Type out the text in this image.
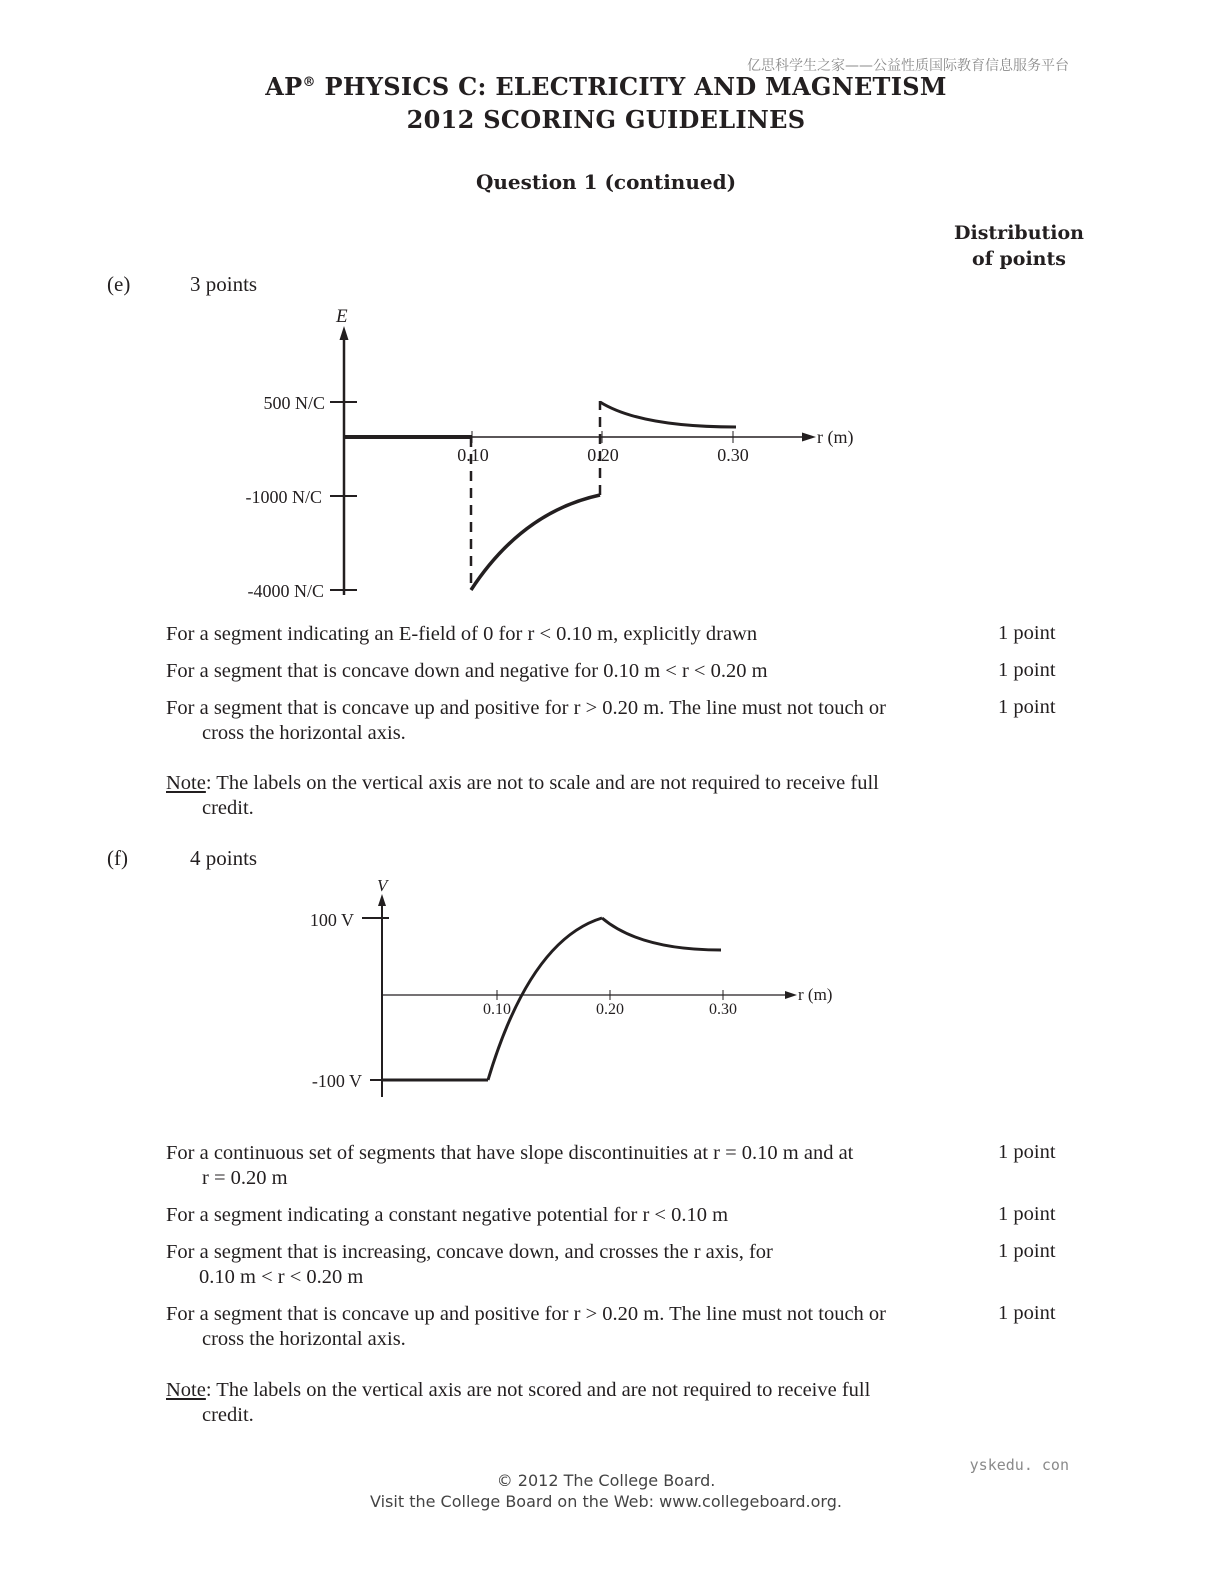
亿思科学生之家——公益性质国际教育信息服务平台
AP® PHYSICS C: ELECTRICITY AND MAGNETISM
2012 SCORING GUIDELINES
Question 1 (continued)
Distribution
of points
(e)	3 points
E
r (m)
500 N/C
-1000 N/C
-4000 N/C
0.10	0.20	0.30
For a segment indicating an E-field of 0 for r < 0.10 m, explicitly drawn	1 point
For a segment that is concave down and negative for 0.10 m < r < 0.20 m	1 point
For a segment that is concave up and positive for r > 0.20 m. The line must not touch or
cross the horizontal axis.
1 point
Note: The labels on the vertical axis are not to scale and are not required to receive full
credit.
(f)	4 points
V
r (m)
100 V
-100 V
0.10	0.20	0.30
For a continuous set of segments that have slope discontinuities at r = 0.10 m and at
r = 0.20 m
1 point
For a segment indicating a constant negative potential for r < 0.10 m	1 point
For a segment that is increasing, concave down, and crosses the r axis, for
0.10 m < r < 0.20 m
1 point
For a segment that is concave up and positive for r > 0.20 m. The line must not touch or
cross the horizontal axis.
1 point
Note: The labels on the vertical axis are not scored and are not required to receive full
credit.
yskedu. con
© 2012 The College Board.
Visit the College Board on the Web: www.collegeboard.org.
